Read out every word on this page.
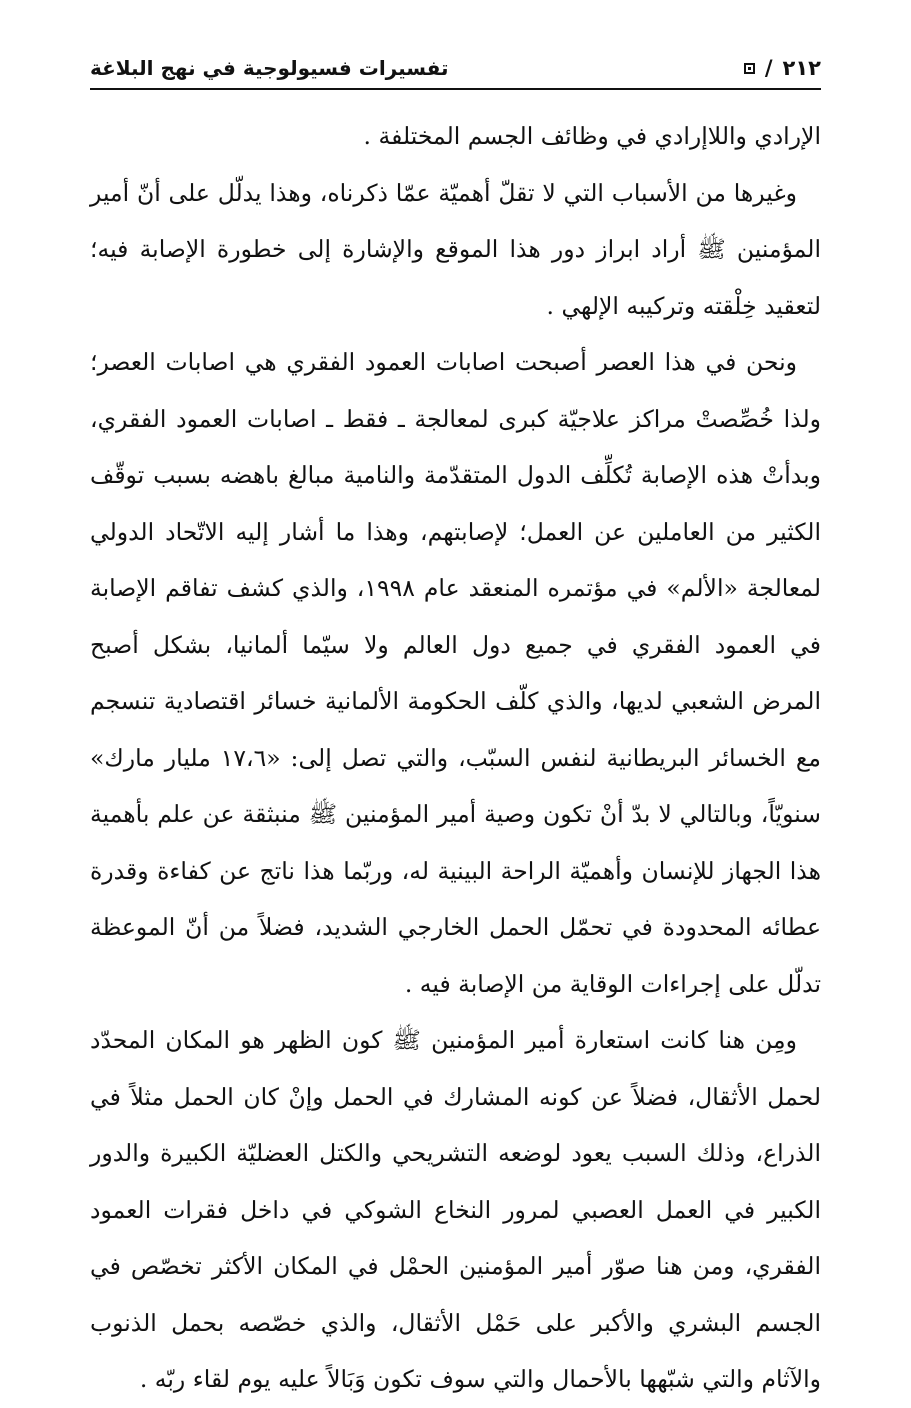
٢١٢
/
تفسيرات فسيولوجية في نهج البلاغة

الإرادي واللاإرادي في وظائف الجسم المختلفة .

وغيرها من الأسباب التي لا تقلّ أهميّة عمّا ذكرناه، وهذا يدلّل على أنّ أمير المؤمنين ﷺ أراد ابراز دور هذا الموقع والإشارة إلى خطورة الإصابة فيه؛ لتعقيد خِلْقته وتركيبه الإلهي .

ونحن في هذا العصر أصبحت اصابات العمود الفقري هي اصابات العصر؛ ولذا خُصِّصتْ مراكز علاجيّة كبرى لمعالجة ـ فقط ـ اصابات العمود الفقري، وبدأتْ هذه الإصابة تُكلِّف الدول المتقدّمة والنامية مبالغ باهضه بسبب توقّف الكثير من العاملين عن العمل؛ لإصابتهم، وهذا ما أشار إليه الاتّحاد الدولي لمعالجة «الألم» في مؤتمره المنعقد عام ١٩٩٨، والذي كشف تفاقم الإصابة في العمود الفقري في جميع دول العالم ولا سيّما ألمانيا، بشكل أصبح المرض الشعبي لديها، والذي كلّف الحكومة الألمانية خسائر اقتصادية تنسجم مع الخسائر البريطانية لنفس السبّب، والتي تصل إلى: «١٧،٦ مليار مارك» سنويّاً، وبالتالي لا بدّ أنْ تكون وصية أمير المؤمنين ﷺ منبثقة عن علم بأهمية هذا الجهاز للإنسان وأهميّة الراحة البينية له، وربّما هذا ناتج عن كفاءة وقدرة عطائه المحدودة في تحمّل الحمل الخارجي الشديد، فضلاً من أنّ الموعظة تدلّل على إجراءات الوقاية من الإصابة فيه .

ومِن هنا كانت استعارة أمير المؤمنين ﷺ كون الظهر هو المكان المحدّد لحمل الأثقال، فضلاً عن كونه المشارك في الحمل وإنْ كان الحمل مثلاً في الذراع، وذلك السبب يعود لوضعه التشريحي والكتل العضليّة الكبيرة والدور الكبير في العمل العصبي لمرور النخاع الشوكي في داخل فقرات العمود الفقري، ومن هنا صوّر أمير المؤمنين الحمْل في المكان الأكثر تخصّص في الجسم البشري والأكبر على حَمْل الأثقال، والذي خصّصه بحمل الذنوب والآثام والتي شبّهها بالأحمال والتي سوف تكون وَبَالاً عليه يوم لقاء ربّه .
